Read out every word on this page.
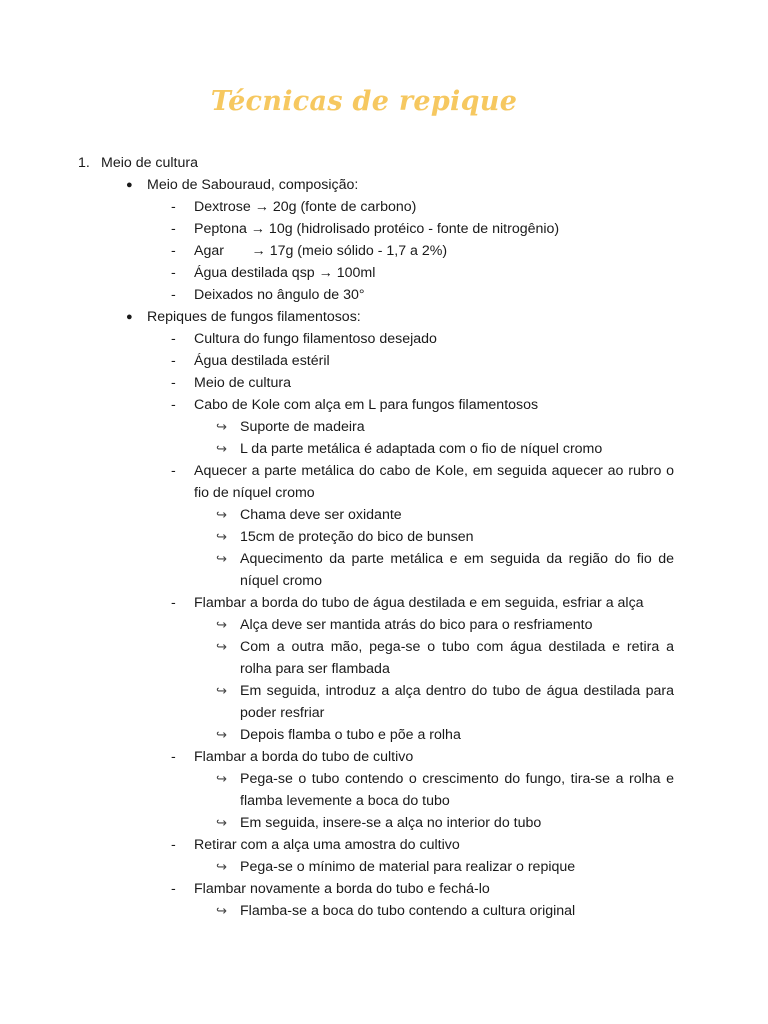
Técnicas de repique
1. Meio de cultura
● Meio de Sabouraud, composição:
- Dextrose → 20g (fonte de carbono)
- Peptona → 10g (hidrolisado protéico - fonte de nitrogênio)
- Agar       → 17g (meio sólido - 1,7 a 2%)
- Água destilada qsp → 100ml
- Deixados no ângulo de 30°
● Repiques de fungos filamentosos:
- Cultura do fungo filamentoso desejado
- Água destilada estéril
- Meio de cultura
- Cabo de Kole com alça em L para fungos filamentosos
↪ Suporte de madeira
↪ L da parte metálica é adaptada com o fio de níquel cromo
- Aquecer a parte metálica do cabo de Kole, em seguida aquecer ao rubro o fio de níquel cromo
↪ Chama deve ser oxidante
↪ 15cm de proteção do bico de bunsen
↪ Aquecimento da parte metálica e em seguida da região do fio de níquel cromo
- Flambar a borda do tubo de água destilada e em seguida, esfriar a alça
↪ Alça deve ser mantida atrás do bico para o resfriamento
↪ Com a outra mão, pega-se o tubo com água destilada e retira a rolha para ser flambada
↪ Em seguida, introduz a alça dentro do tubo de água destilada para poder resfriar
↪ Depois flamba o tubo e põe a rolha
- Flambar a borda do tubo de cultivo
↪ Pega-se o tubo contendo o crescimento do fungo, tira-se a rolha e flamba levemente a boca do tubo
↪ Em seguida, insere-se a alça no interior do tubo
- Retirar com a alça uma amostra do cultivo
↪ Pega-se o mínimo de material para realizar o repique
- Flambar novamente a borda do tubo e fechá-lo
↪ Flamba-se a boca do tubo contendo a cultura original
